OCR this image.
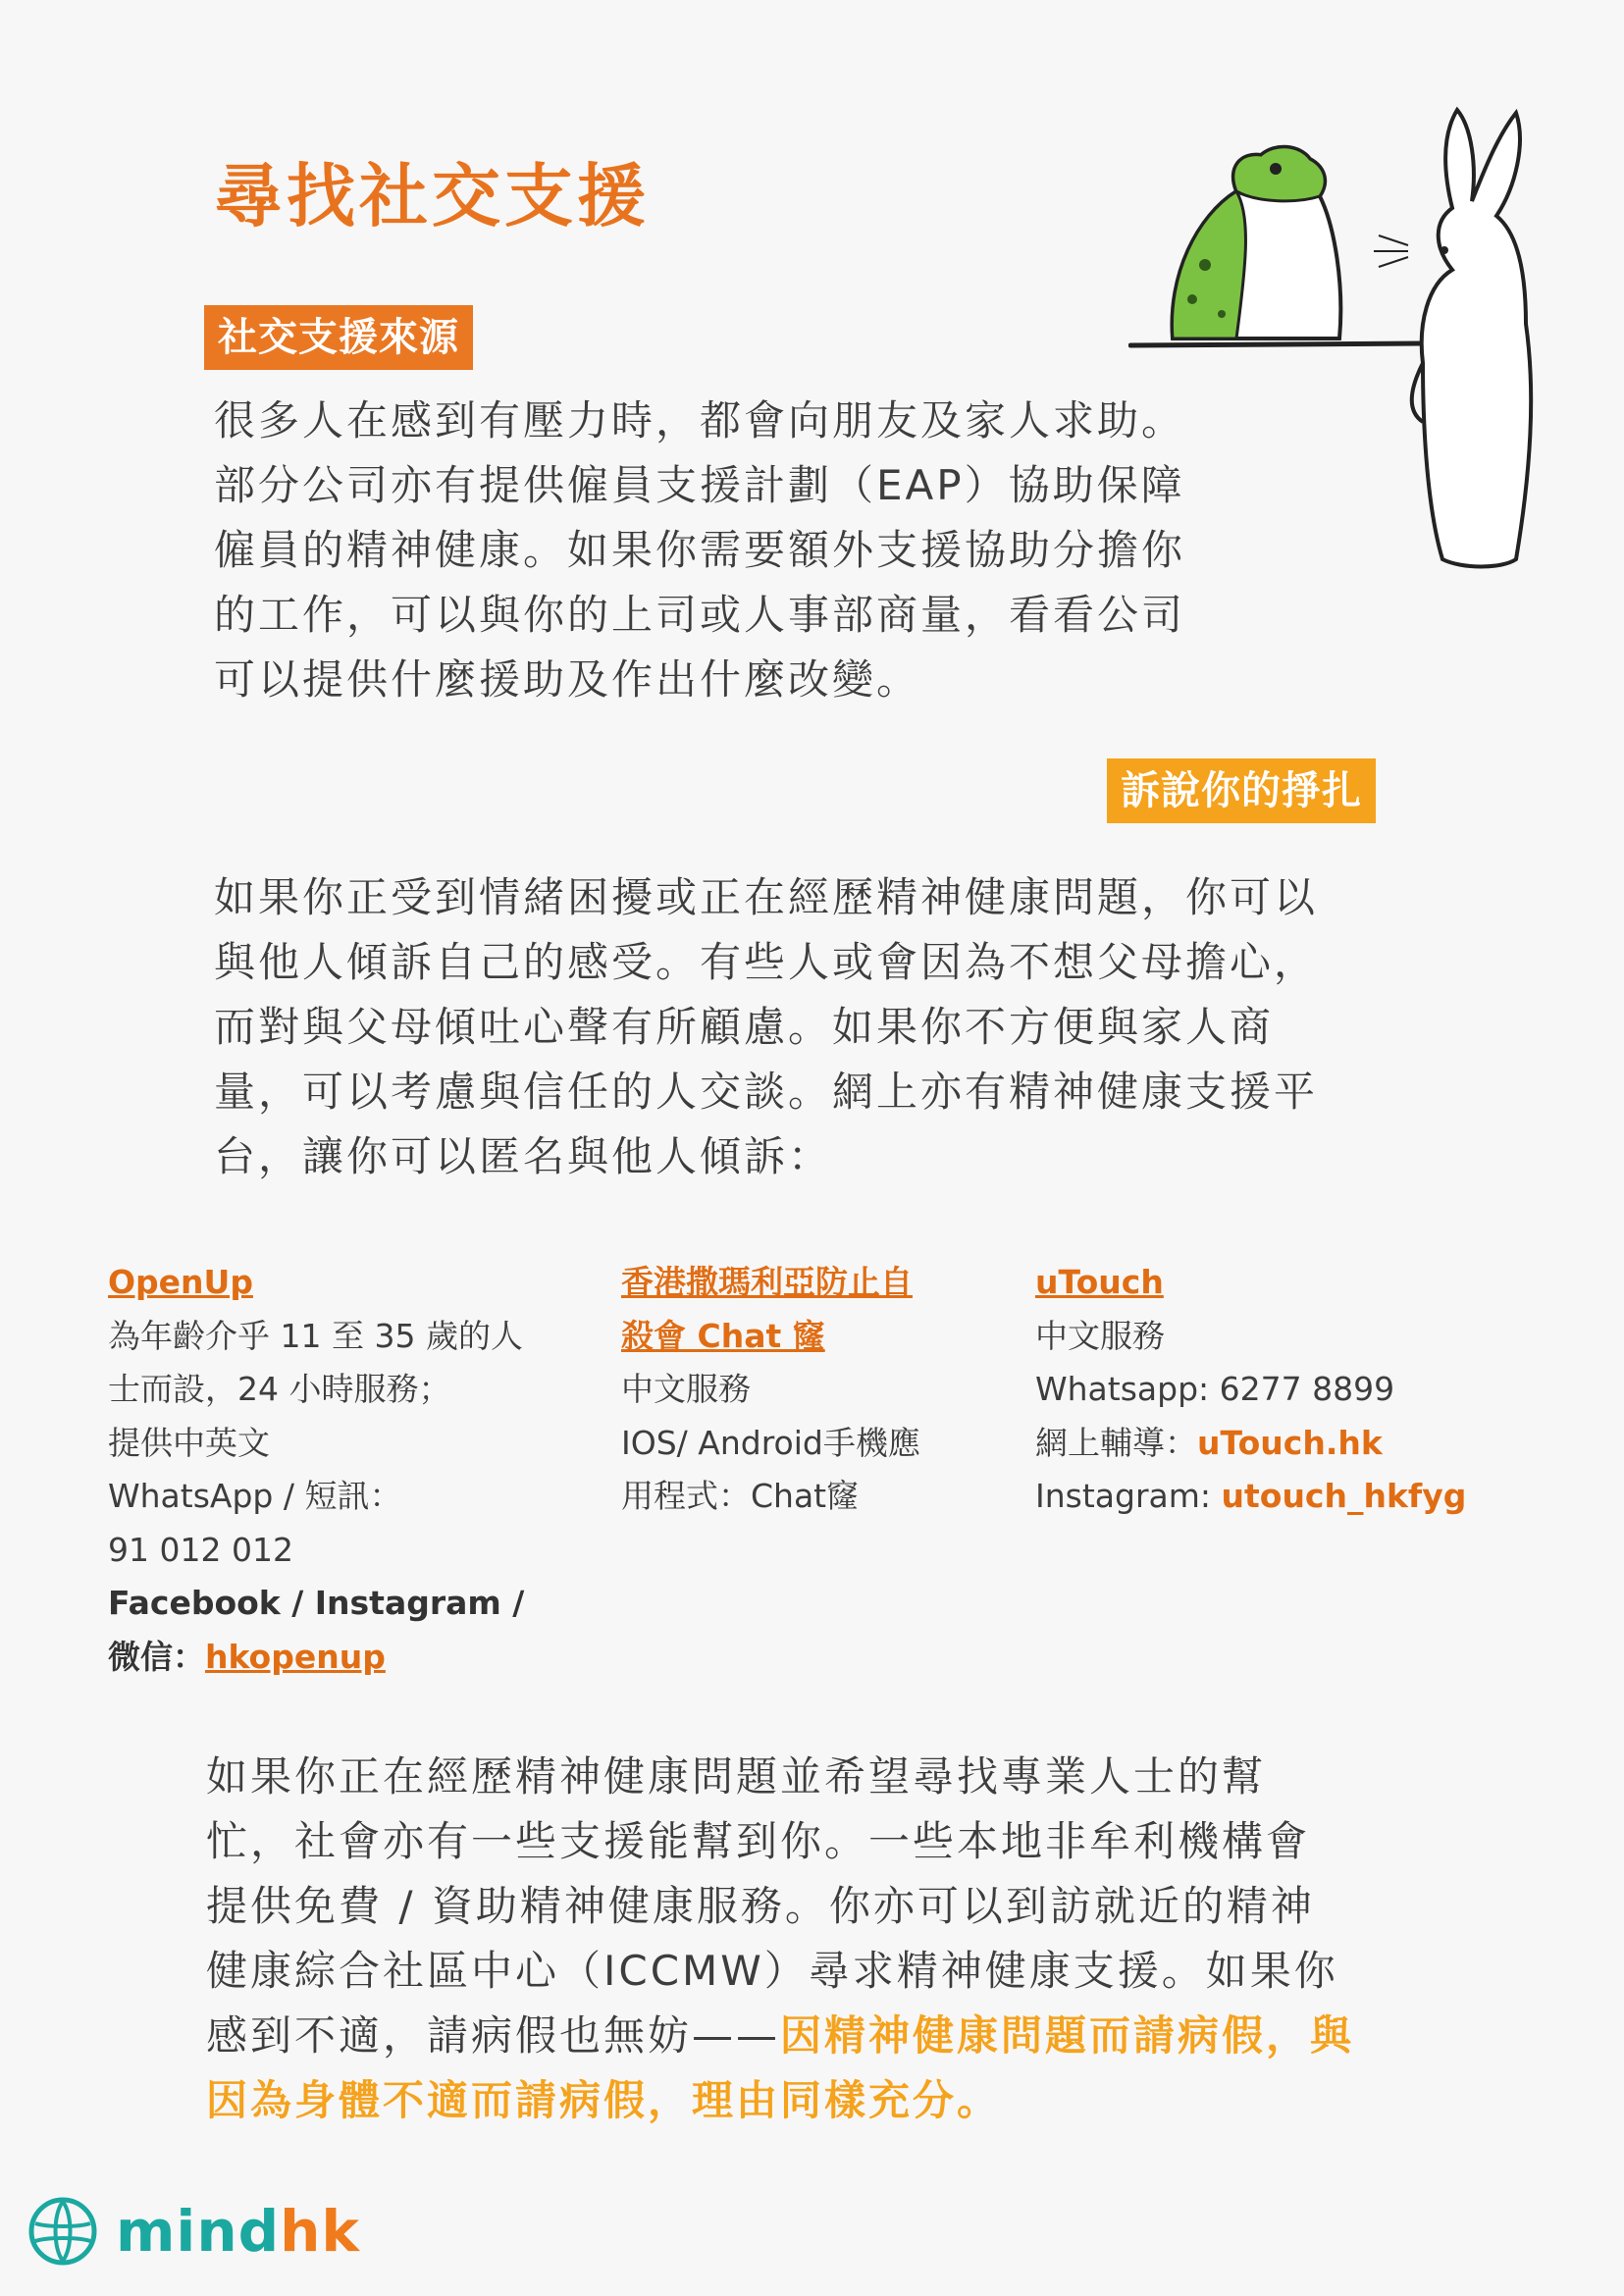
尋找社交支援
社交支援來源

很多人在感到有壓力時，都會向朋友及家人求助。

部分公司亦有提供僱員支援計劃（EAP）協助保障

僱員的精神健康。如果你需要額外支援協助分擔你

的工作，可以與你的上司或人事部商量，看看公司

可以提供什麼援助及作出什麼改變。

訴說你的掙扎

如果你正受到情緒困擾或正在經歷精神健康問題，你可以

與他人傾訴自己的感受。有些人或會因為不想父母擔心，

而對與父母傾吐心聲有所顧慮。如果你不方便與家人商

量，可以考慮與信任的人交談。網上亦有精神健康支援平

台，讓你可以匿名與他人傾訴：

OpenUp
為年齡介乎 11 至 35 歲的人
士而設，24 小時服務；
提供中英文
WhatsApp / 短訊：
91 012 012
Facebook / Instagram /
微信：hkopenup
香港撒瑪利亞防止自
殺會 Chat 窿
中文服務
IOS/ Android手機應
用程式：Chat窿
uTouch
中文服務
Whatsapp: 6277 8899
網上輔導：uTouch.hk
Instagram: utouch_hkfyg

如果你正在經歷精神健康問題並希望尋找專業人士的幫

忙，社會亦有一些支援能幫到你。一些本地非牟利機構會

提供免費 / 資助精神健康服務。你亦可以到訪就近的精神

健康綜合社區中心（ICCMW）尋求精神健康支援。如果你

感到不適，請病假也無妨——因精神健康問題而請病假，與

因為身體不適而請病假，理由同樣充分。

mindhk
